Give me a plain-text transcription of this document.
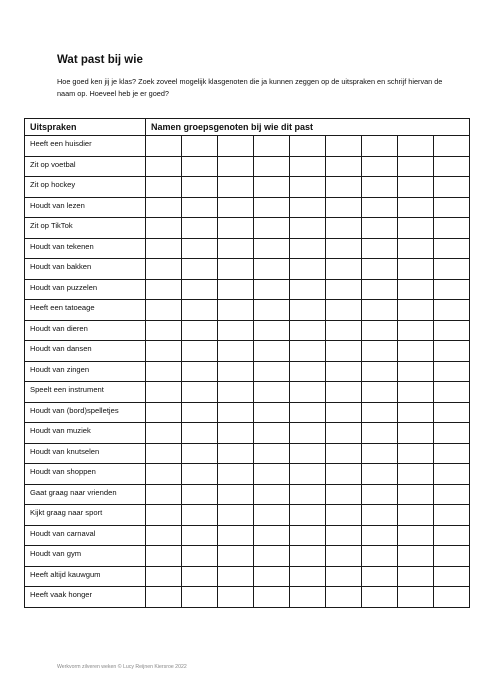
Wat past bij wie

Hoe goed ken jij je klas? Zoek zoveel mogelijk klasgenoten die ja kunnen zeggen op de uitspraken en schrijf hiervan de naam op. Hoeveel heb je er goed?

Uitspraken	Namen groepsgenoten bij wie dit past								
Heeft een huisdier									
Zit op voetbal									
Zit op hockey									
Houdt van lezen									
Zit op TikTok									
Houdt van tekenen									
Houdt van bakken									
Houdt van puzzelen									
Heeft een tatoeage									
Houdt van dieren									
Houdt van dansen									
Houdt van zingen									
Speelt een instrument									
Houdt van (bord)spelletjes									
Houdt van muziek									
Houdt van knutselen									
Houdt van shoppen									
Gaat graag naar vrienden									
Kijkt graag naar sport									
Houdt van carnaval									
Houdt van gym									
Heeft altijd kauwgum									
Heeft vaak honger									

Werkvorm zilveren weken © Lucy Reijnen Kiersroe 2022
